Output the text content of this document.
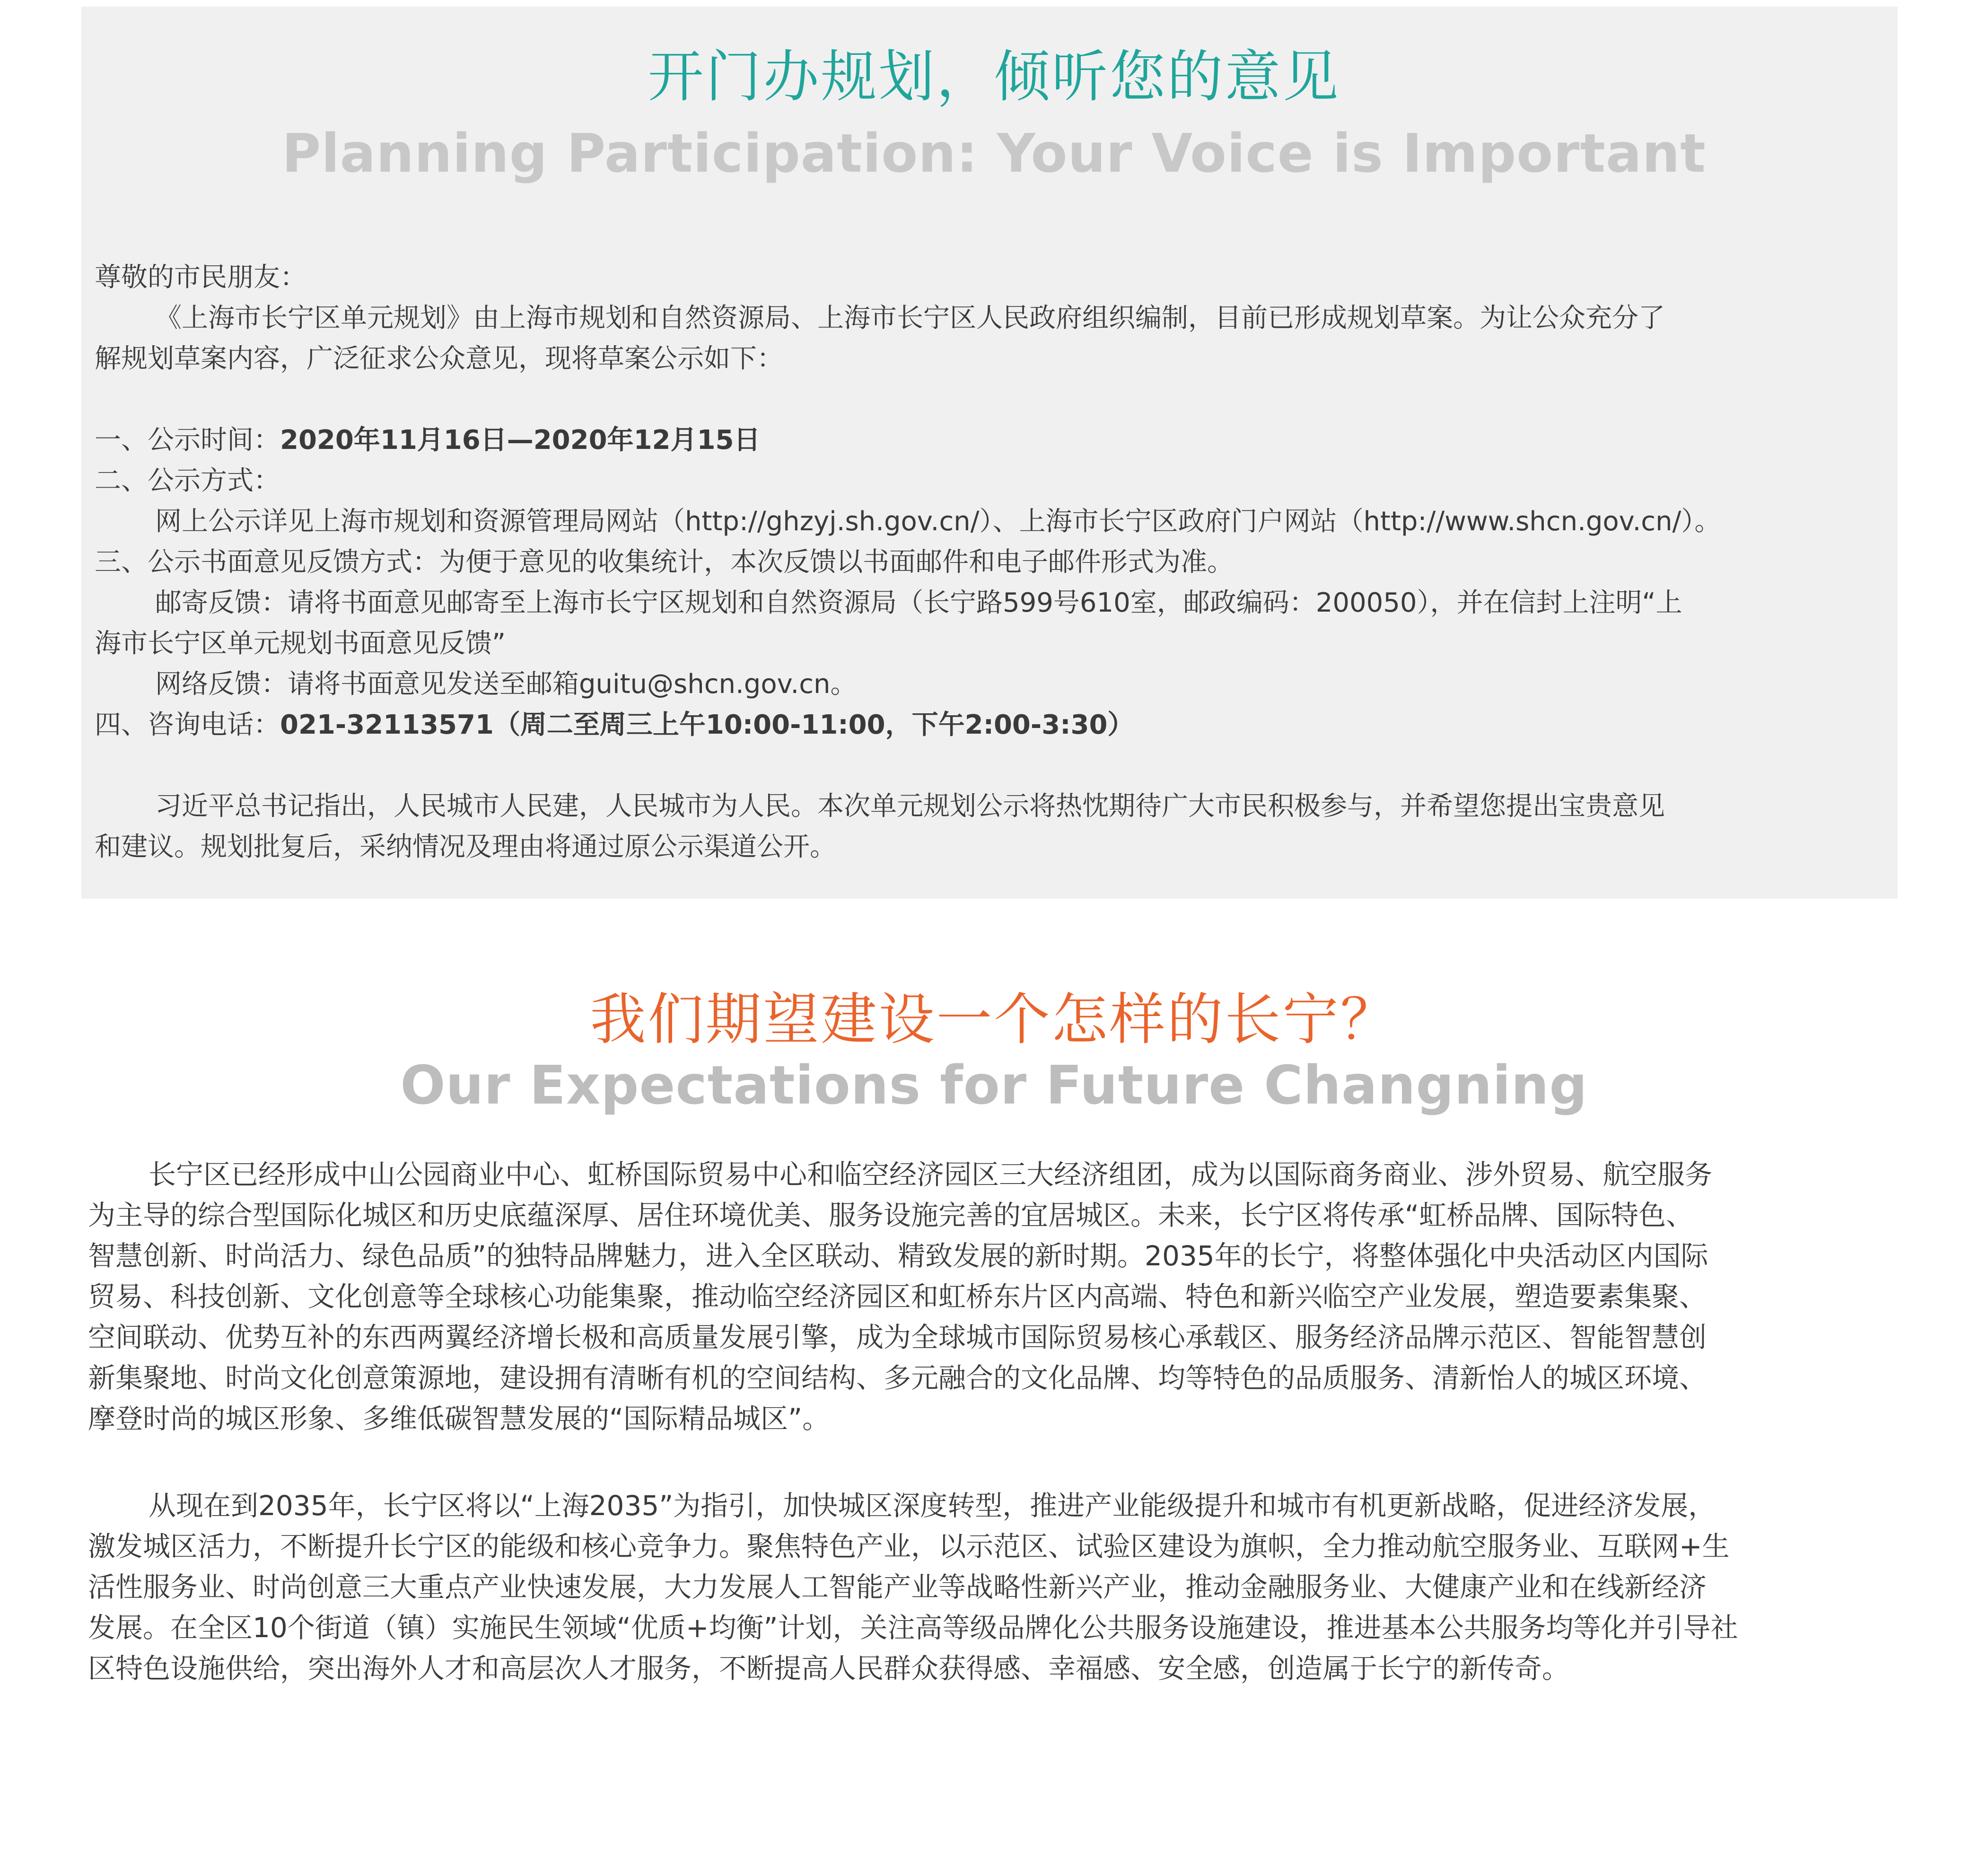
开门办规划，倾听您的意见
Planning Participation: Your Voice is Important
尊敬的市民朋友：
《上海市长宁区单元规划》由上海市规划和自然资源局、上海市长宁区人民政府组织编制，目前已形成规划草案。为让公众充分了
解规划草案内容，广泛征求公众意见，现将草案公示如下：
一、公示时间：2020年11月16日—2020年12月15日
二、公示方式：
网上公示详见上海市规划和资源管理局网站（http://ghzyj.sh.gov.cn/）、上海市长宁区政府门户网站（http://www.shcn.gov.cn/）。
三、公示书面意见反馈方式：为便于意见的收集统计，本次反馈以书面邮件和电子邮件形式为准。
邮寄反馈：请将书面意见邮寄至上海市长宁区规划和自然资源局（长宁路599号610室，邮政编码：200050），并在信封上注明“上
海市长宁区单元规划书面意见反馈”
网络反馈：请将书面意见发送至邮箱guitu@shcn.gov.cn。
四、咨询电话：021-32113571（周二至周三上午10:00-11:00，下午2:00-3:30）
习近平总书记指出，人民城市人民建，人民城市为人民。本次单元规划公示将热忱期待广大市民积极参与，并希望您提出宝贵意见
和建议。规划批复后，采纳情况及理由将通过原公示渠道公开。
我们期望建设一个怎样的长宁？
Our Expectations for Future Changning
长宁区已经形成中山公园商业中心、虹桥国际贸易中心和临空经济园区三大经济组团，成为以国际商务商业、涉外贸易、航空服务
为主导的综合型国际化城区和历史底蕴深厚、居住环境优美、服务设施完善的宜居城区。未来，长宁区将传承“虹桥品牌、国际特色、
智慧创新、时尚活力、绿色品质”的独特品牌魅力，进入全区联动、精致发展的新时期。2035年的长宁，将整体强化中央活动区内国际
贸易、科技创新、文化创意等全球核心功能集聚，推动临空经济园区和虹桥东片区内高端、特色和新兴临空产业发展，塑造要素集聚、
空间联动、优势互补的东西两翼经济增长极和高质量发展引擎，成为全球城市国际贸易核心承载区、服务经济品牌示范区、智能智慧创
新集聚地、时尚文化创意策源地，建设拥有清晰有机的空间结构、多元融合的文化品牌、均等特色的品质服务、清新怡人的城区环境、
摩登时尚的城区形象、多维低碳智慧发展的“国际精品城区”。
从现在到2035年，长宁区将以“上海2035”为指引，加快城区深度转型，推进产业能级提升和城市有机更新战略，促进经济发展，
激发城区活力，不断提升长宁区的能级和核心竞争力。聚焦特色产业，以示范区、试验区建设为旗帜，全力推动航空服务业、互联网+生
活性服务业、时尚创意三大重点产业快速发展，大力发展人工智能产业等战略性新兴产业，推动金融服务业、大健康产业和在线新经济
发展。在全区10个街道（镇）实施民生领域“优质+均衡”计划，关注高等级品牌化公共服务设施建设，推进基本公共服务均等化并引导社
区特色设施供给，突出海外人才和高层次人才服务，不断提高人民群众获得感、幸福感、安全感，创造属于长宁的新传奇。
